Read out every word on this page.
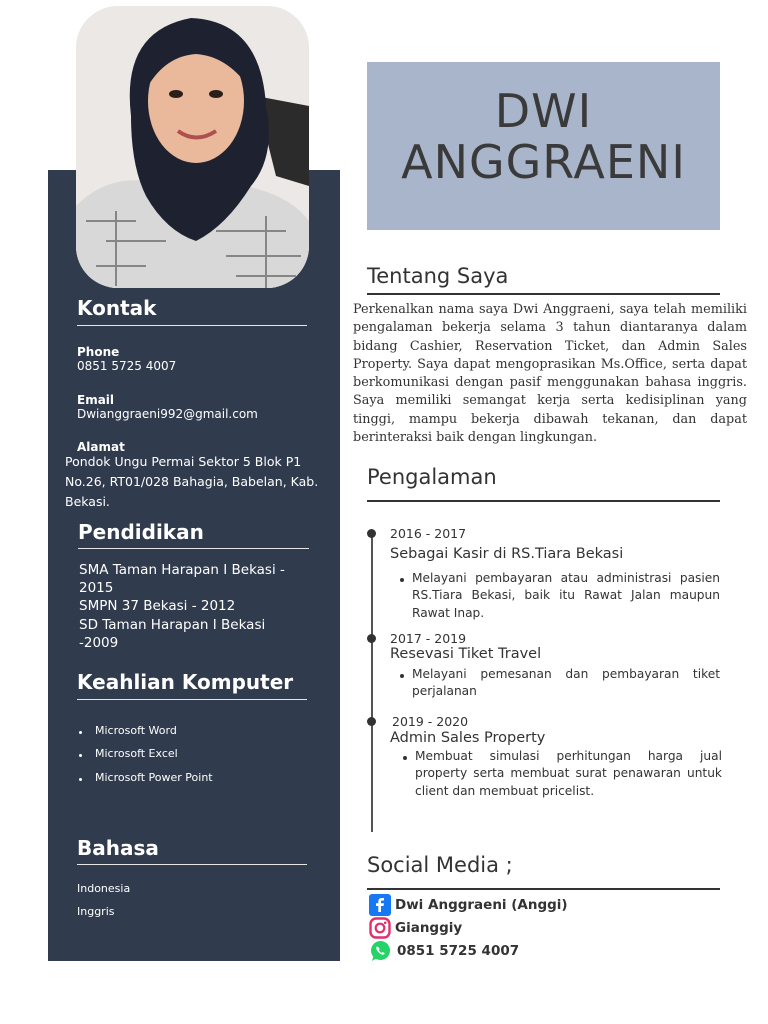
Kontak
Phone
0851 5725 4007
Email
Dwianggraeni992@gmail.com
Alamat
Pondok Ungu Permai Sektor 5 Blok P1
No.26, RT01/028 Bahagia, Babelan, Kab.
Bekasi.
Pendidikan
SMA Taman Harapan I Bekasi -
2015
SMPN 37 Bekasi - 2012
SD Taman Harapan I Bekasi
-2009
Keahlian Komputer
Microsoft Word
Microsoft Excel
Microsoft Power Point
Bahasa
Indonesia
Inggris
DWI
ANGGRAENI
Tentang Saya
Perkenalkan nama saya Dwi Anggraeni, saya telah memiliki pengalaman bekerja selama 3 tahun diantaranya dalam bidang Cashier, Reservation Ticket, dan Admin Sales Property. Saya dapat mengoprasikan Ms.Office, serta dapat berkomunikasi dengan pasif menggunakan bahasa inggris. Saya memiliki semangat kerja serta kedisiplinan yang tinggi, mampu bekerja dibawah tekanan, dan dapat berinteraksi baik dengan lingkungan.
Pengalaman
2016 - 2017
Sebagai Kasir di RS.Tiara Bekasi
Melayani pembayaran atau administrasi pasien RS.Tiara Bekasi, baik itu Rawat Jalan maupun Rawat Inap.
2017 - 2019
Resevasi Tiket Travel
Melayani pemesanan dan pembayaran tiket perjalanan
2019 - 2020
Admin Sales Property
Membuat simulasi perhitungan harga jual property serta membuat surat penawaran untuk client dan membuat pricelist.
Social Media ;
Dwi Anggraeni (Anggi)
Gianggiy
0851 5725 4007
